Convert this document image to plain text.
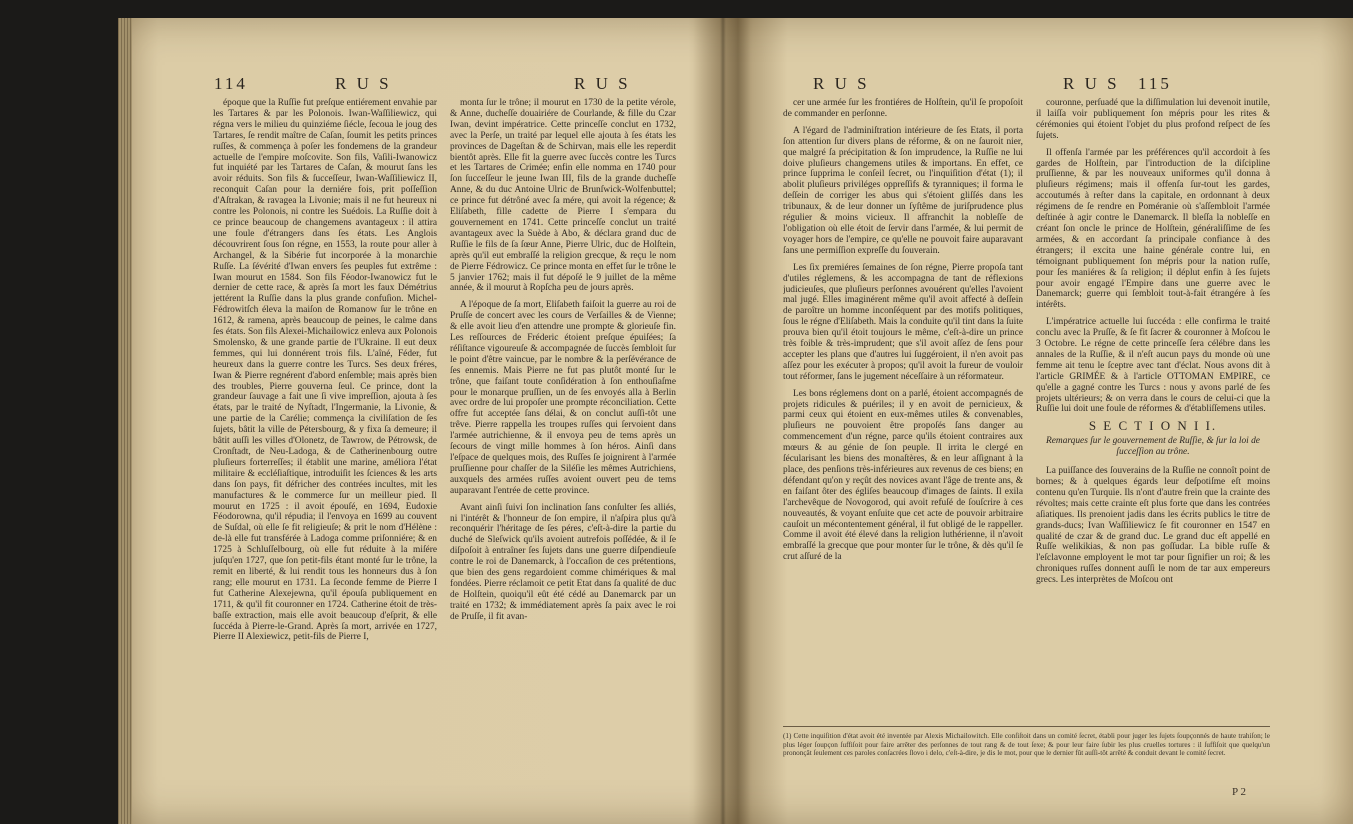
114	R U S	R U S

époque que la Ruſſie fut preſque entiérement envahie par les Tartares & par les Polonois. Iwan-Waſſiliewicz, qui régna vers le milieu du quinziéme ſiécle, ſecoua le joug des Tartares, ſe rendit maître de Caſan, ſoumit les petits princes ruſſes, & commença à poſer les fondemens de la grandeur actuelle de l'empire moſcovite. Son fils, Vaſili-Iwanowicz fut inquiété par les Tartares de Caſan, & mourut ſans les avoir réduits. Son fils & ſucceſſeur, Iwan-Waſſiliewicz II, reconquit Caſan pour la derniére fois, prit poſſeſſion d'Aſtrakan, & ravagea la Livonie; mais il ne fut heureux ni contre les Polonois, ni contre les Suédois. La Ruſſie doit à ce prince beaucoup de changemens avantageux : il attira une foule d'étrangers dans ſes états. Les Anglois découvrirent ſous ſon régne, en 1553, la route pour aller à Archangel, & la Sibérie fut incorporée à la monarchie Ruſſe. La ſévérité d'Iwan envers ſes peuples fut extrême : Iwan mourut en 1584. Son fils Féodor-Iwanowicz fut le dernier de cette race, & après ſa mort les faux Démétrius jettérent la Ruſſie dans la plus grande confuſion. Michel-Fédrowitſch éleva la maiſon de Romanow ſur le trône en 1612, & ramena, après beaucoup de peines, le calme dans ſes états. Son fils Alexei-Michailowicz enleva aux Polonois Smolensko, & une grande partie de l'Ukraine. Il eut deux femmes, qui lui donnérent trois fils. L'aîné, Féder, fut heureux dans la guerre contre les Turcs. Ses deux fréres, Iwan & Pierre regnérent d'abord enſemble; mais après bien des troubles, Pierre gouverna ſeul. Ce prince, dont la grandeur ſauvage a fait une ſi vive impreſſion, ajouta à ſes états, par le traité de Nyſtadt, l'Ingermanie, la Livonie, & une partie de la Carélie; commença la civiliſation de ſes ſujets, bâtit la ville de Pétersbourg, & y fixa ſa demeure; il bâtit auſſi les villes d'Olonetz, de Tawrow, de Pétrowsk, de Cronſtadt, de Neu-Ladoga, & de Catherinenbourg outre pluſieurs forterreſſes; il établit une marine, améliora l'état militaire & eccléſiaſtique, introduiſit les ſciences & les arts dans ſon pays, fit défricher des contrées incultes, mit les manufactures & le commerce ſur un meilleur pied. Il mourut en 1725 : il avoit épouſé, en 1694, Eudoxie Féodorowna, qu'il répudia; il l'envoya en 1699 au couvent de Suſdal, où elle ſe fit religieuſe; & prit le nom d'Hélène : de-là elle fut transférée à Ladoga comme priſonniére; & en 1725 à Schluſſelbourg, où elle fut réduite à la miſére juſqu'en 1727, que ſon petit-fils étant monté ſur le trône, la remit en liberté, & lui rendit tous les honneurs dus à ſon rang; elle mourut en 1731. La ſeconde femme de Pierre I fut Catherine Alexejewna, qu'il épouſa publiquement en 1711, & qu'il fit couronner en 1724. Catherine étoit de très-baſſe extraction, mais elle avoit beaucoup d'eſprit, & elle ſuccéda à Pierre-le-Grand. Après ſa mort, arrivée en 1727, Pierre II Alexiewicz, petit-fils de Pierre I,

monta ſur le trône; il mourut en 1730 de la petite vérole, & Anne, ducheſſe douairiére de Courlande, & fille du Czar Iwan, devint impératrice. Cette princeſſe conclut en 1732, avec la Perſe, un traité par lequel elle ajouta à ſes états les provinces de Dageſtan & de Schirvan, mais elle les reperdit bientôt après. Elle fit la guerre avec ſuccès contre les Turcs et les Tartares de Crimée; enfin elle nomma en 1740 pour ſon ſucceſſeur le jeune Iwan III, fils de la grande ducheſſe Anne, & du duc Antoine Ulric de Brunſwick-Wolfenbuttel; ce prince fut détrôné avec ſa mére, qui avoit la régence; & Eliſabeth, fille cadette de Pierre I s'empara du gouvernement en 1741. Cette princeſſe conclut un traité avantageux avec la Suède à Abo, & déclara grand duc de Ruſſie le fils de ſa ſœur Anne, Pierre Ulric, duc de Holſtein, après qu'il eut embraſſé la religion grecque, & reçu le nom de Pierre Fédrowicz. Ce prince monta en effet ſur le trône le 5 janvier 1762; mais il fut dépoſé le 9 juillet de la même année, & il mourut à Ropſcha peu de jours après.

A l'époque de ſa mort, Eliſabeth faiſoit la guerre au roi de Pruſſe de concert avec les cours de Verſailles & de Vienne; & elle avoit lieu d'en attendre une prompte & glorieuſe fin. Les reſſources de Fréderic étoient preſque épuiſées; ſa réſiſtance vigoureuſe & accompagnée de ſuccès ſembloit ſur le point d'être vaincue, par le nombre & la perſévérance de ſes ennemis. Mais Pierre ne fut pas plutôt monté ſur le trône, que faiſant toute conſidération à ſon enthouſiaſme pour le monarque pruſſien, un de ſes envoyés alla à Berlin avec ordre de lui propoſer une prompte réconciliation. Cette offre fut acceptée ſans délai, & on conclut auſſi-tôt une trêve. Pierre rappella les troupes ruſſes qui ſervoient dans l'armée autrichienne, & il envoya peu de tems après un ſecours de vingt mille hommes à ſon héros. Ainſi dans l'eſpace de quelques mois, des Ruſſes ſe joignirent à l'armée pruſſienne pour chaſſer de la Siléſie les mêmes Autrichiens, auxquels des armées ruſſes avoient ouvert peu de tems auparavant l'entrée de cette province.

Avant ainſi ſuivi ſon inclination ſans conſulter ſes alliés, ni l'intérêt & l'honneur de ſon empire, il n'aſpira plus qu'à reconquérir l'héritage de ſes péres, c'eſt-à-dire la partie du duché de Sleſwick qu'ils avoient autrefois poſſédée, & il ſe diſpoſoit à entraîner ſes ſujets dans une guerre diſpendieuſe contre le roi de Danemarck, à l'occaſion de ces prétentions, que bien des gens regardoient comme chimériques & mal fondées. Pierre réclamoit ce petit Etat dans ſa qualité de duc de Holſtein, quoiqu'il eût été cédé au Danemarck par un traité en 1732; & immédiatement après ſa paix avec le roi de Pruſſe, il fit avan-

R U S	R U S 115

cer une armée ſur les frontiéres de Holſtein, qu'il ſe propoſoit de commander en perſonne.

A l'égard de l'adminiſtration intérieure de ſes Etats, il porta ſon attention ſur divers plans de réforme, & on ne ſauroit nier, que malgré ſa précipitation & ſon imprudence, la Ruſſie ne lui doive pluſieurs changemens utiles & importans. En effet, ce prince ſupprima le conſeil ſecret, ou l'inquiſition d'état (1); il abolit pluſieurs priviléges oppreſſifs & tyranniques; il forma le deſſein de corriger les abus qui s'étoient gliſſés dans les tribunaux, & de leur donner un ſyſtême de juriſprudence plus régulier & moins vicieux. Il affranchit la nobleſſe de l'obligation où elle étoit de ſervir dans l'armée, & lui permit de voyager hors de l'empire, ce qu'elle ne pouvoit faire auparavant ſans une permiſſion expreſſe du ſouverain.

Les ſix premiéres ſemaines de ſon régne, Pierre propoſa tant d'utiles réglemens, & les accompagna de tant de réflexions judicieuſes, que pluſieurs perſonnes avouérent qu'elles l'avoient mal jugé. Elles imaginérent même qu'il avoit affecté à deſſein de paroître un homme inconſéquent par des motifs politiques, ſous le régne d'Eliſabeth. Mais la conduite qu'il tint dans la ſuite prouva bien qu'il étoit toujours le même, c'eſt-à-dire un prince très foible & très-imprudent; que s'il avoit aſſez de ſens pour accepter les plans que d'autres lui ſuggéroient, il n'en avoit pas aſſez pour les exécuter à propos; qu'il avoit la fureur de vouloir tout réformer, ſans le jugement néceſſaire à un réformateur.

Les bons réglemens dont on a parlé, étoient accompagnés de projets ridicules & puériles; il y en avoit de pernicieux, & parmi ceux qui étoient en eux-mêmes utiles & convenables, pluſieurs ne pouvoient être propoſés ſans danger au commencement d'un régne, parce qu'ils étoient contraires aux mœurs & au génie de ſon peuple. Il irrita le clergé en ſécularisant les biens des monaſtères, & en leur aſſignant à la place, des penſions très-inférieures aux revenus de ces biens; en défendant qu'on y reçût des novices avant l'âge de trente ans, & en faiſant ôter des égliſes beaucoup d'images de ſaints. Il exila l'archevêque de Novogorod, qui avoit refuſé de ſouſcrire à ces nouveautés, & voyant enſuite que cet acte de pouvoir arbitraire cauſoit un mécontentement général, il fut obligé de le rappeller. Comme il avoit été élevé dans la religion luthérienne, il n'avoit embraſſé la grecque que pour monter ſur le trône, & dès qu'il ſe crut aſſuré de la

couronne, perſuadé que la diſſimulation lui devenoit inutile, il laiſſa voir publiquement ſon mépris pour les rites & cérémonies qui étoient l'objet du plus profond reſpect de ſes ſujets.

Il offenſa l'armée par les préférences qu'il accordoit à ſes gardes de Holſtein, par l'introduction de la diſcipline pruſſienne, & par les nouveaux uniformes qu'il donna à pluſieurs régimens; mais il offenſa ſur-tout les gardes, accoutumés à reſter dans la capitale, en ordonnant à deux régimens de ſe rendre en Poméranie où s'aſſembloit l'armée deſtinée à agir contre le Danemarck. Il bleſſa la nobleſſe en créant ſon oncle le prince de Holſtein, généraliſſime de ſes armées, & en accordant ſa principale confiance à des étrangers; il excita une haine générale contre lui, en témoignant publiquement ſon mépris pour la nation ruſſe, pour ſes maniéres & ſa religion; il déplut enfin à ſes ſujets pour avoir engagé l'Empire dans une guerre avec le Danemarck; guerre qui ſembloit tout-à-fait étrangére à ſes intérêts.

L'impératrice actuelle lui ſuccéda : elle confirma le traité conclu avec la Pruſſe, & ſe fit ſacrer & couronner à Moſcou le 3 Octobre. Le régne de cette princeſſe ſera célébre dans les annales de la Ruſſie, & il n'eſt aucun pays du monde où une femme ait tenu le ſceptre avec tant d'éclat. Nous avons dit à l'article GRIMÉE & à l'article OTTOMAN EMPIRE, ce qu'elle a gagné contre les Turcs : nous y avons parlé de ſes projets ultérieurs; & on verra dans le cours de celui-ci que la Ruſſie lui doit une foule de réformes & d'établiſſemens utiles.

S E C T I O N I I.

Remarques ſur le gouvernement de Ruſſie, & ſur la loi de ſucceſſion au trône.

La puiſſance des ſouverains de la Ruſſie ne connoît point de bornes; & à quelques égards leur deſpotiſme eſt moins contenu qu'en Turquie. Ils n'ont d'autre frein que la crainte des révoltes; mais cette crainte eſt plus forte que dans les contrées aſiatiques. Ils prenoient jadis dans les écrits publics le titre de grands-ducs; Ivan Waſſiliewicz ſe fit couronner en 1547 en qualité de czar & de grand duc. Le grand duc eſt appellé en Ruſſe welikikias, & non pas goſſudar. La bible ruſſe & l'eſclavonne employent le mot tar pour ſignifier un roi; & les chroniques ruſſes donnent auſſi le nom de tar aux empereurs grecs. Les interprètes de Moſcou ont

(1) Cette inquiſition d'état avoit été inventée par Alexis Michailowitch. Elle conſiſtoit dans un comité ſecret, établi pour juger les ſujets ſoupçonnés de haute trahiſon; le plus léger ſoupçon ſuffiſoit pour faire arrêter des perſonnes de tout rang & de tout ſexe; & pour leur faire ſubir les plus cruelles tortures : il ſuffiſoit que quelqu'un prononçât ſeulement ces paroles conſacrées ſlovo i delo, c'eſt-à-dire, je dis le mot, pour que le dernier fût auſſi-tôt arrêté & conduit devant le comité ſecret.
P 2
